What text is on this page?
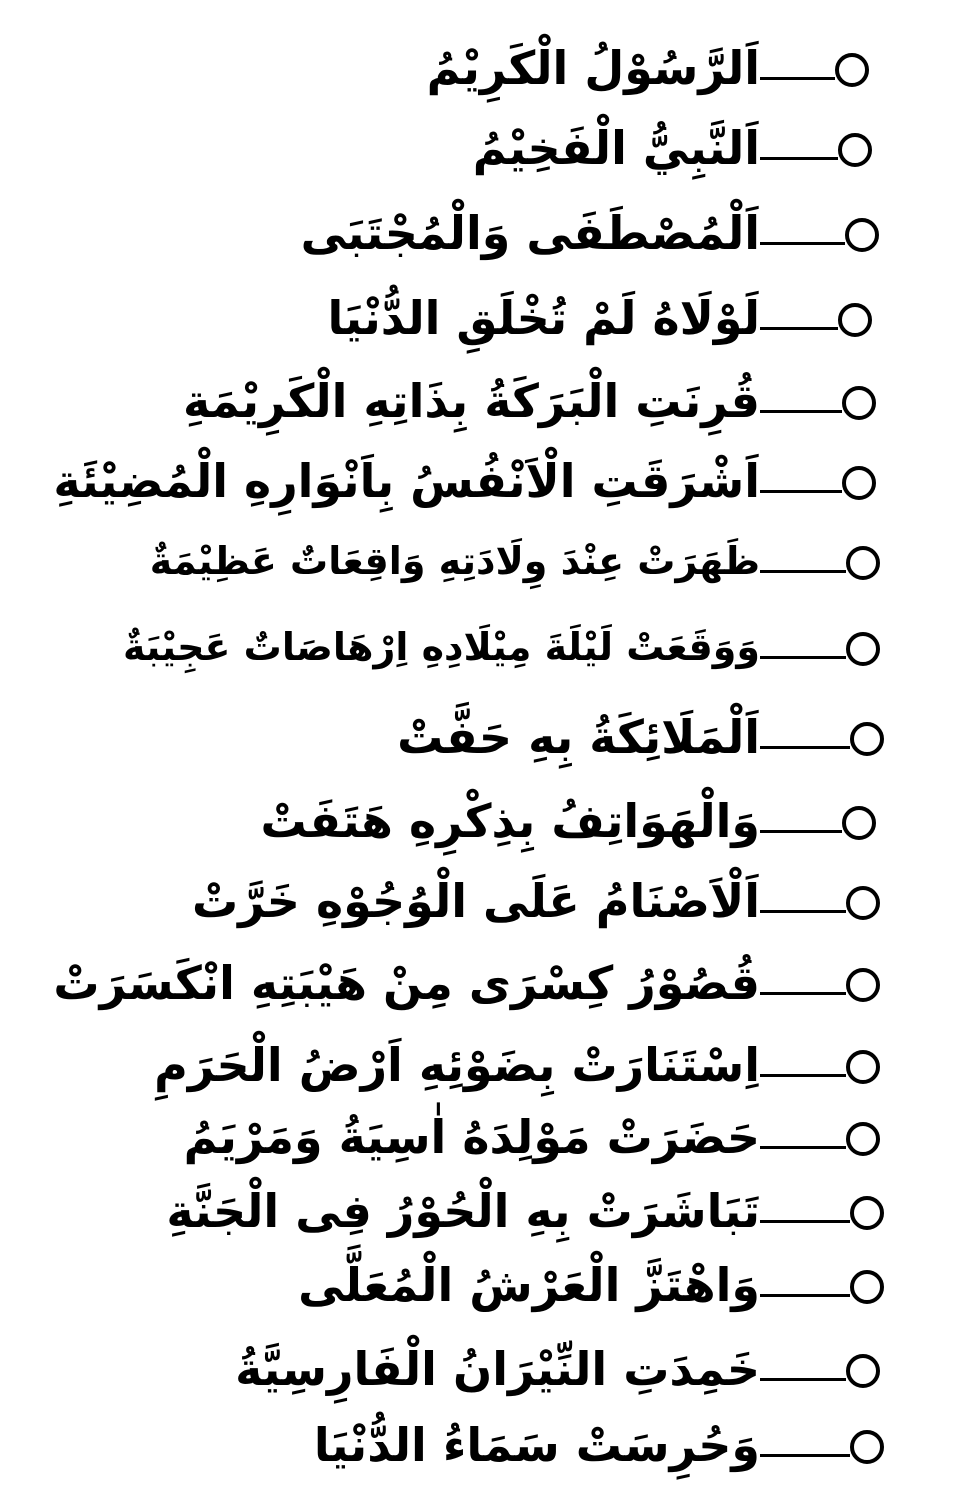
اَلرَّسُوْلُ الْكَرِيْمُ
اَلنَّبِيُّ الْفَخِيْمُ
اَلْمُصْطَفَى وَالْمُجْتَبَى
لَوْلَاهُ لَمْ تُخْلَقِ الدُّنْيَا
قُرِنَتِ الْبَرَكَةُ بِذَاتِهِ الْكَرِيْمَةِ
اَشْرَقَتِ الْاَنْفُسُ بِاَنْوَارِهِ الْمُضِيْئَةِ
ظَهَرَتْ عِنْدَ وِلَادَتِهِ وَاقِعَاتٌ عَظِيْمَةٌ
وَوَقَعَتْ لَيْلَةَ مِيْلَادِهِ اِرْهَاصَاتٌ عَجِيْبَةٌ
اَلْمَلَائِكَةُ بِهِ حَفَّتْ
وَالْهَوَاتِفُ بِذِكْرِهِ هَتَفَتْ
اَلْاَصْنَامُ عَلَى الْوُجُوْهِ خَرَّتْ
قُصُوْرُ كِسْرَى مِنْ هَيْبَتِهِ انْكَسَرَتْ
اِسْتَنَارَتْ بِضَوْئِهِ اَرْضُ الْحَرَمِ
حَضَرَتْ مَوْلِدَهُ اٰسِيَةُ وَمَرْيَمُ
تَبَاشَرَتْ بِهِ الْحُوْرُ فِى الْجَنَّةِ
وَاهْتَزَّ الْعَرْشُ الْمُعَلَّى
خَمِدَتِ النِّيْرَانُ الْفَارِسِيَّةُ
وَحُرِسَتْ سَمَاءُ الدُّنْيَا
